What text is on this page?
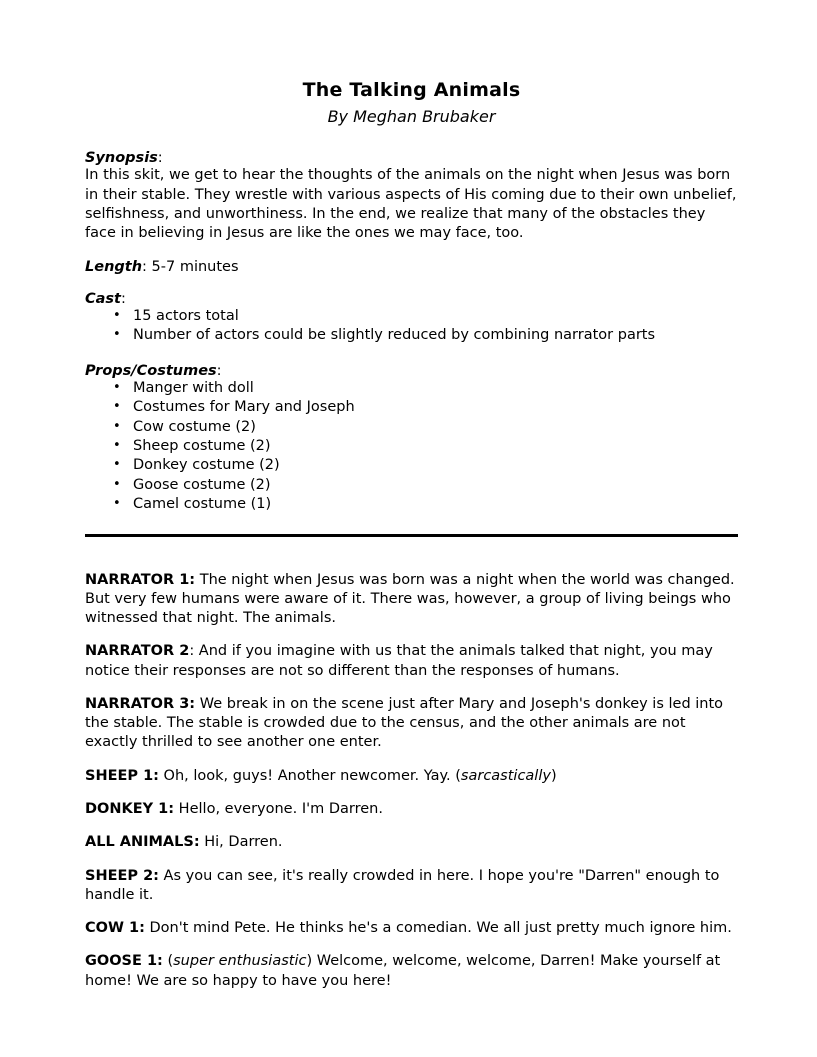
The Talking Animals
By Meghan Brubaker
Synopsis:

In this skit, we get to hear the thoughts of the animals on the night when Jesus was born in their stable. They wrestle with various aspects of His coming due to their own unbelief, selfishness, and unworthiness. In the end, we realize that many of the obstacles they face in believing in Jesus are like the ones we may face, too.

Length: 5-7 minutes
Cast:
• 15 actors total
• Number of actors could be slightly reduced by combining narrator parts
Props/Costumes:
• Manger with doll
• Costumes for Mary and Joseph
• Cow costume (2)
• Sheep costume (2)
• Donkey costume (2)
• Goose costume (2)
• Camel costume (1)

NARRATOR 1: The night when Jesus was born was a night when the world was changed. But very few humans were aware of it. There was, however, a group of living beings who witnessed that night. The animals.

NARRATOR 2: And if you imagine with us that the animals talked that night, you may notice their responses are not so different than the responses of humans.

NARRATOR 3: We break in on the scene just after Mary and Joseph's donkey is led into the stable. The stable is crowded due to the census, and the other animals are not exactly thrilled to see another one enter.

SHEEP 1: Oh, look, guys! Another newcomer. Yay. (sarcastically)

DONKEY 1: Hello, everyone. I'm Darren.

ALL ANIMALS: Hi, Darren.

SHEEP 2: As you can see, it's really crowded in here. I hope you're "Darren" enough to handle it.

COW 1: Don't mind Pete. He thinks he's a comedian. We all just pretty much ignore him.

GOOSE 1: (super enthusiastic) Welcome, welcome, welcome, Darren! Make yourself at home! We are so happy to have you here!
